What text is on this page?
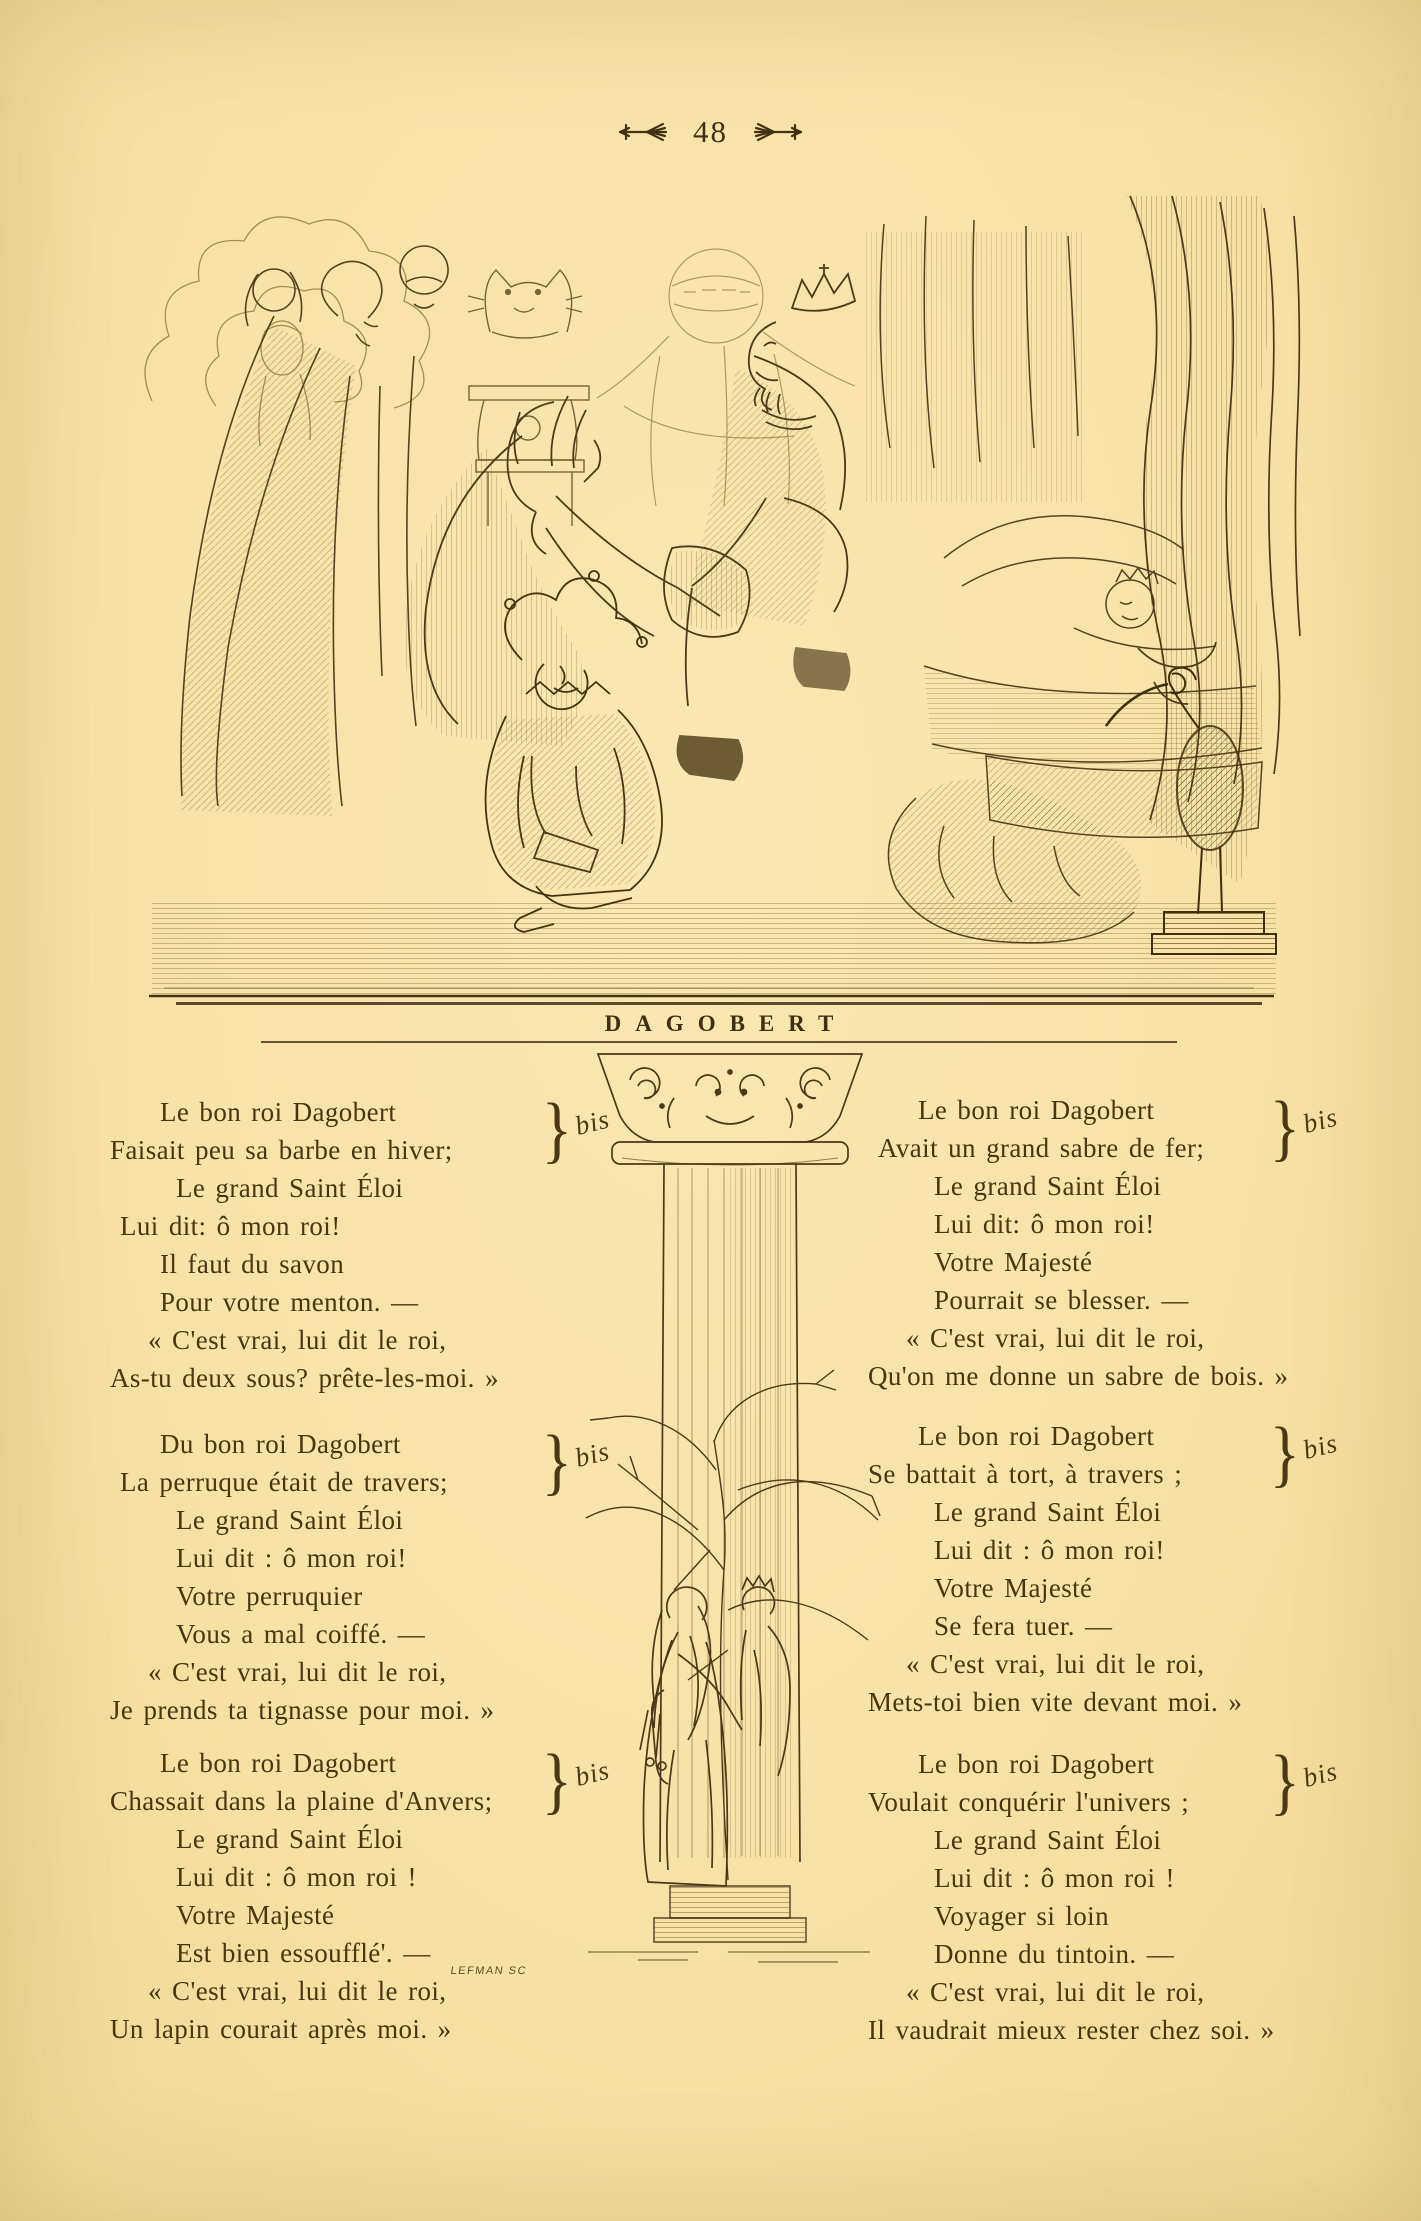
48
DAGOBERT
LEFMAN SC
Le bon roi Dagobert
Faisait peu sa barbe en hiver;
Le grand Saint Éloi
Lui dit: ô mon roi!
Il faut du savon
Pour votre menton. —
« C'est vrai, lui dit le roi,
As-tu deux sous? prête-les-moi. »
} bis
Du bon roi Dagobert
La perruque était de travers;
Le grand Saint Éloi
Lui dit : ô mon roi!
Votre perruquier
Vous a mal coiffé. —
« C'est vrai, lui dit le roi,
Je prends ta tignasse pour moi. »
} bis
Le bon roi Dagobert
Chassait dans la plaine d'Anvers;
Le grand Saint Éloi
Lui dit : ô mon roi !
Votre Majesté
Est bien essoufflé'. —
« C'est vrai, lui dit le roi,
Un lapin courait après moi. »
} bis
Le bon roi Dagobert
Avait un grand sabre de fer;
Le grand Saint Éloi
Lui dit: ô mon roi!
Votre Majesté
Pourrait se blesser. —
« C'est vrai, lui dit le roi,
Qu'on me donne un sabre de bois. »
} bis
Le bon roi Dagobert
Se battait à tort, à travers ;
Le grand Saint Éloi
Lui dit : ô mon roi!
Votre Majesté
Se fera tuer. —
« C'est vrai, lui dit le roi,
Mets-toi bien vite devant moi. »
} bis
Le bon roi Dagobert
Voulait conquérir l'univers ;
Le grand Saint Éloi
Lui dit : ô mon roi !
Voyager si loin
Donne du tintoin. —
« C'est vrai, lui dit le roi,
Il vaudrait mieux rester chez soi. »
} bis
